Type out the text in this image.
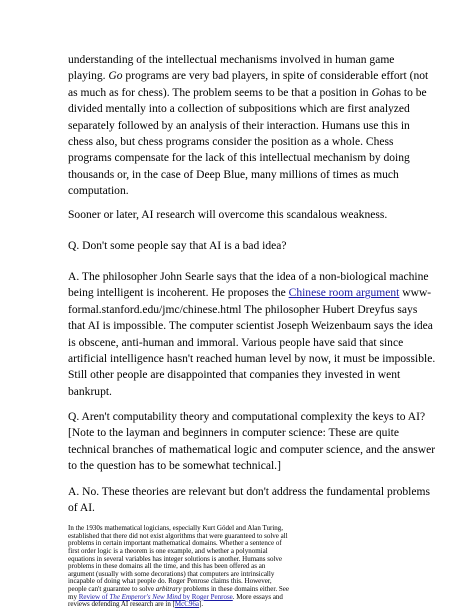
understanding of the intellectual mechanisms involved in human game
playing. Go programs are very bad players, in spite of considerable effort (not
as much as for chess). The problem seems to be that a position in Gohas to be
divided mentally into a collection of subpositions which are first analyzed
separately followed by an analysis of their interaction. Humans use this in
chess also, but chess programs consider the position as a whole. Chess
programs compensate for the lack of this intellectual mechanism by doing
thousands or, in the case of Deep Blue, many millions of times as much
computation.
Sooner or later, AI research will overcome this scandalous weakness.
Q. Don't some people say that AI is a bad idea?
A. The philosopher John Searle says that the idea of a non-biological machine
being intelligent is incoherent. He proposes the Chinese room argument www-
formal.stanford.edu/jmc/chinese.html The philosopher Hubert Dreyfus says
that AI is impossible. The computer scientist Joseph Weizenbaum says the idea
is obscene, anti-human and immoral. Various people have said that since
artificial intelligence hasn't reached human level by now, it must be impossible.
Still other people are disappointed that companies they invested in went
bankrupt.
Q. Aren't computability theory and computational complexity the keys to AI?
[Note to the layman and beginners in computer science: These are quite
technical branches of mathematical logic and computer science, and the answer
to the question has to be somewhat technical.]
A. No. These theories are relevant but don't address the fundamental problems
of AI.
In the 1930s mathematical logicians, especially Kurt Gödel and Alan Turing,
established that there did not exist algorithms that were guaranteed to solve all
problems in certain important mathematical domains. Whether a sentence of
first order logic is a theorem is one example, and whether a polynomial
equations in several variables has integer solutions is another. Humans solve
problems in these domains all the time, and this has been offered as an
argument (usually with some decorations) that computers are intrinsically
incapable of doing what people do. Roger Penrose claims this. However,
people can't guarantee to solve arbitrary problems in these domains either. See
my Review of The Emperor's New Mind by Roger Penrose. More essays and
reviews defending AI research are in [McC96a].
